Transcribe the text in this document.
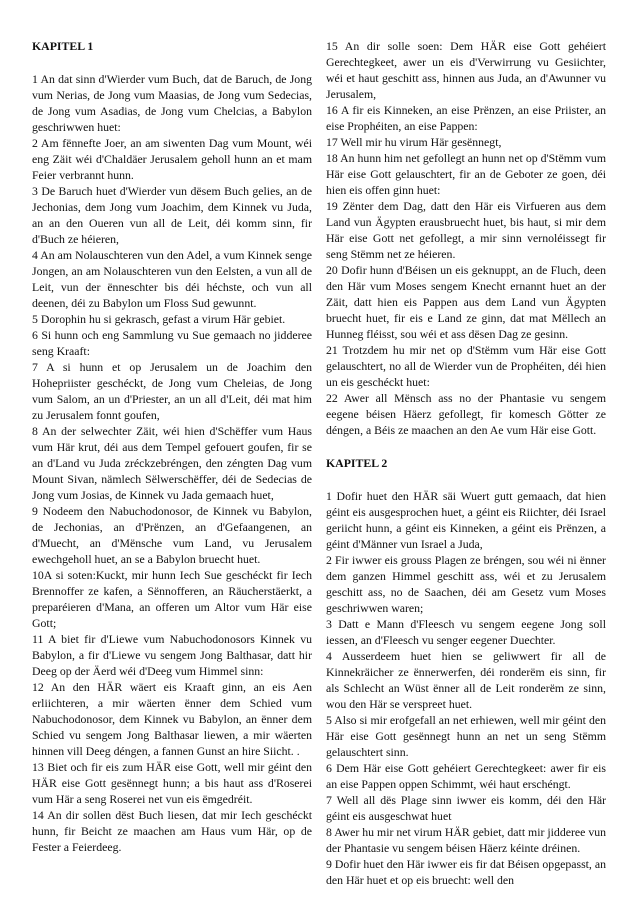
KAPITEL 1

1 An dat sinn d'Wierder vum Buch, dat de Baruch, de Jong vum Nerias, de Jong vum Maasias, de Jong vum Sedecias, de Jong vum Asadias, de Jong vum Chelcias, a Babylon geschriwwen huet:

2 Am fënnefte Joer, an am siwenten Dag vum Mount, wéi eng Zäit wéi d'Chaldäer Jerusalem geholl hunn an et mam Feier verbrannt hunn.

3 De Baruch huet d'Wierder vun dësem Buch gelies, an de Jechonias, dem Jong vum Joachim, dem Kinnek vu Juda, an an den Oueren vun all de Leit, déi komm sinn, fir d'Buch ze héieren,

4 An am Nolauschteren vun den Adel, a vum Kinnek senge Jongen, an am Nolauschteren vun den Eelsten, a vun all de Leit, vun der ënneschter bis déi héchste, och vun all deenen, déi zu Babylon um Floss Sud gewunnt.

5 Dorophin hu si gekrasch, gefast a virum Här gebiet.

6 Si hunn och eng Sammlung vu Sue gemaach no jidderee seng Kraaft:

7 A si hunn et op Jerusalem un de Joachim den Hohepriister geschéckt, de Jong vum Cheleias, de Jong vum Salom, an un d'Priester, an un all d'Leit, déi mat him zu Jerusalem fonnt goufen,

8 An der selwechter Zäit, wéi hien d'Schëffer vum Haus vum Här krut, déi aus dem Tempel gefouert goufen, fir se an d'Land vu Juda zréckzebréngen, den zéngten Dag vum Mount Sivan, nämlech Sëlwerschëffer, déi de Sedecias de Jong vum Josias, de Kinnek vu Jada gemaach huet,

9 Nodeem den Nabuchodonosor, de Kinnek vu Babylon, de Jechonias, an d'Prënzen, an d'Gefaangenen, an d'Muecht, an d'Mënsche vum Land, vu Jerusalem ewechgeholl huet, an se a Babylon bruecht huet.

10A si soten:Kuckt, mir hunn Iech Sue geschéckt fir Iech Brennoffer ze kafen, a Sënnofferen, an Räucherstäerkt, a preparéieren d'Mana, an offeren um Altor vum Här eise Gott;

11 A biet fir d'Liewe vum Nabuchodonosors Kinnek vu Babylon, a fir d'Liewe vu sengem Jong Balthasar, datt hir Deeg op der Äerd wéi d'Deeg vum Himmel sinn:

12 An den HÄR wäert eis Kraaft ginn, an eis Aen erliichteren, a mir wäerten ënner dem Schied vum Nabuchodonosor, dem Kinnek vu Babylon, an ënner dem Schied vu sengem Jong Balthasar liewen, a mir wäerten hinnen vill Deeg déngen, a fannen Gunst an hire Siicht. .

13 Biet och fir eis zum HÄR eise Gott, well mir géint den HÄR eise Gott gesënnegt hunn; a bis haut ass d'Roserei vum Här a seng Roserei net vun eis ëmgedréit.

14 An dir sollen dëst Buch liesen, dat mir Iech geschéckt hunn, fir Beicht ze maachen am Haus vum Här, op de Fester a Feierdeeg.

15 An dir solle soen: Dem HÄR eise Gott gehéiert Gerechtegkeet, awer un eis d'Verwirrung vu Gesiichter, wéi et haut geschitt ass, hinnen aus Juda, an d'Awunner vu Jerusalem,

16 A fir eis Kinneken, an eise Prënzen, an eise Priister, an eise Prophéiten, an eise Pappen:

17 Well mir hu virum Här gesënnegt,

18 An hunn him net gefollegt an hunn net op d'Stëmm vum Här eise Gott gelauschtert, fir an de Geboter ze goen, déi hien eis offen ginn huet:

19 Zënter dem Dag, datt den Här eis Virfueren aus dem Land vun Ägypten erausbruecht huet, bis haut, si mir dem Här eise Gott net gefollegt, a mir sinn vernoléissegt fir seng Stëmm net ze héieren.

20 Dofir hunn d'Béisen un eis geknuppt, an de Fluch, deen den Här vum Moses sengem Knecht ernannt huet an der Zäit, datt hien eis Pappen aus dem Land vun Ägypten bruecht huet, fir eis e Land ze ginn, dat mat Mëllech an Hunneg fléisst, sou wéi et ass dësen Dag ze gesinn.

21 Trotzdem hu mir net op d'Stëmm vum Här eise Gott gelauschtert, no all de Wierder vun de Prophéiten, déi hien un eis geschéckt huet:

22 Awer all Mënsch ass no der Phantasie vu sengem eegene béisen Häerz gefollegt, fir komesch Götter ze déngen, a Béis ze maachen an den Ae vum Här eise Gott.

KAPITEL 2

1 Dofir huet den HÄR säi Wuert gutt gemaach, dat hien géint eis ausgesprochen huet, a géint eis Riichter, déi Israel geriicht hunn, a géint eis Kinneken, a géint eis Prënzen, a géint d'Männer vun Israel a Juda,

2 Fir iwwer eis grouss Plagen ze bréngen, sou wéi ni ënner dem ganzen Himmel geschitt ass, wéi et zu Jerusalem geschitt ass, no de Saachen, déi am Gesetz vum Moses geschriwwen waren;

3 Datt e Mann d'Fleesch vu sengem eegene Jong soll iessen, an d'Fleesch vu senger eegener Duechter.

4 Ausserdeem huet hien se geliwwert fir all de Kinnekräicher ze ënnerwerfen, déi ronderëm eis sinn, fir als Schlecht an Wüst ënner all de Leit ronderëm ze sinn, wou den Här se verspreet huet.

5 Also si mir erofgefall an net erhiewen, well mir géint den Här eise Gott gesënnegt hunn an net un seng Stëmm gelauschtert sinn.

6 Dem Här eise Gott gehéiert Gerechtegkeet: awer fir eis an eise Pappen oppen Schimmt, wéi haut erschéngt.

7 Well all dës Plage sinn iwwer eis komm, déi den Här géint eis ausgeschwat huet

8 Awer hu mir net virum HÄR gebiet, datt mir jidderee vun der Phantasie vu sengem béisen Häerz kéinte dréinen.

9 Dofir huet den Här iwwer eis fir dat Béisen opgepasst, an den Här huet et op eis bruecht: well den
